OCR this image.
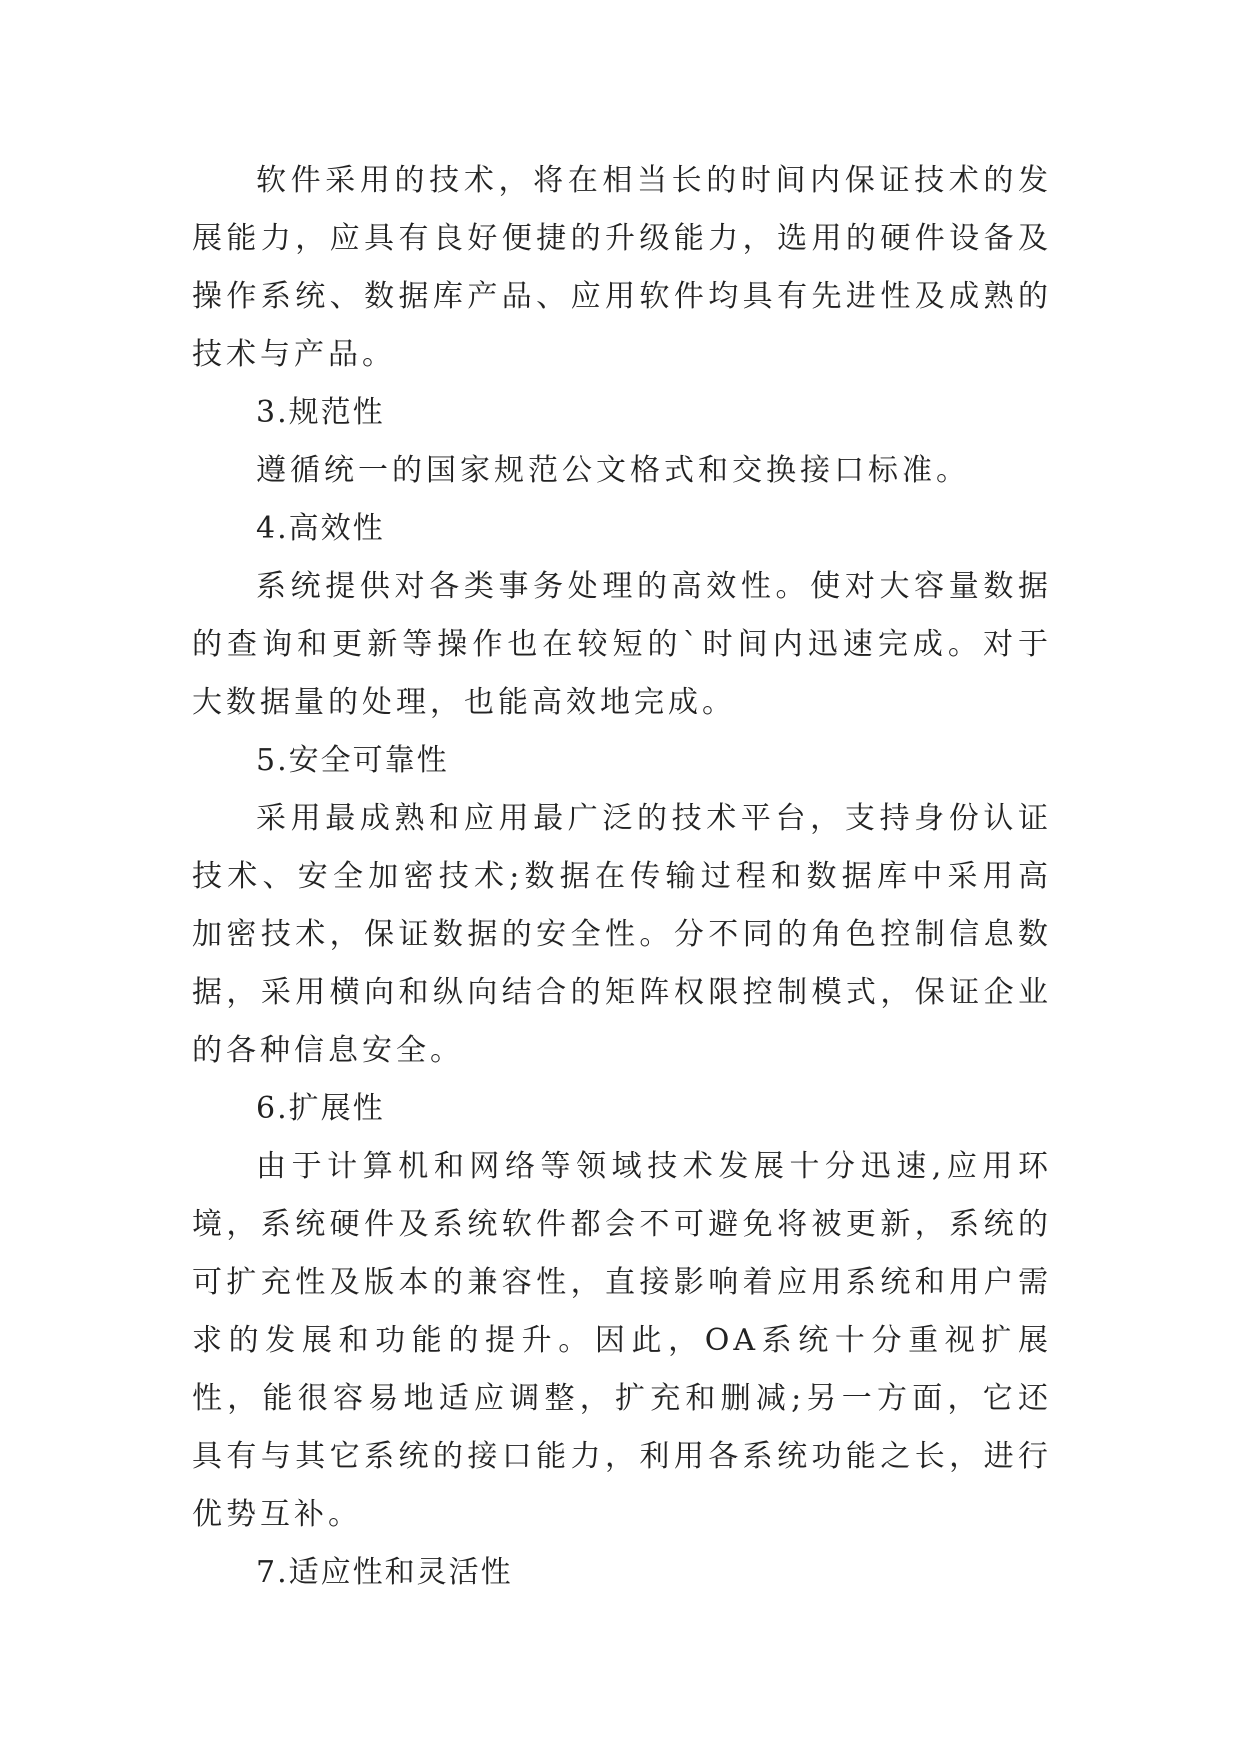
软件采用的技术，将在相当长的时间内保证技术的发展能力，应具有良好便捷的升级能力，选用的硬件设备及操作系统、数据库产品、应用软件均具有先进性及成熟的技术与产品。

3.规范性

遵循统一的国家规范公文格式和交换接口标准。

4.高效性

系统提供对各类事务处理的高效性。使对大容量数据的查询和更新等操作也在较短的`时间内迅速完成。对于大数据量的处理，也能高效地完成。

5.安全可靠性

采用最成熟和应用最广泛的技术平台，支持身份认证技术、安全加密技术;数据在传输过程和数据库中采用高加密技术，保证数据的安全性。分不同的角色控制信息数据，采用横向和纵向结合的矩阵权限控制模式，保证企业的各种信息安全。

6.扩展性

由于计算机和网络等领域技术发展十分迅速,应用环境，系统硬件及系统软件都会不可避免将被更新，系统的可扩充性及版本的兼容性，直接影响着应用系统和用户需求的发展和功能的提升。因此，OA系统十分重视扩展性，能很容易地适应调整，扩充和删减;另一方面，它还具有与其它系统的接口能力，利用各系统功能之长，进行优势互补。

7.适应性和灵活性
